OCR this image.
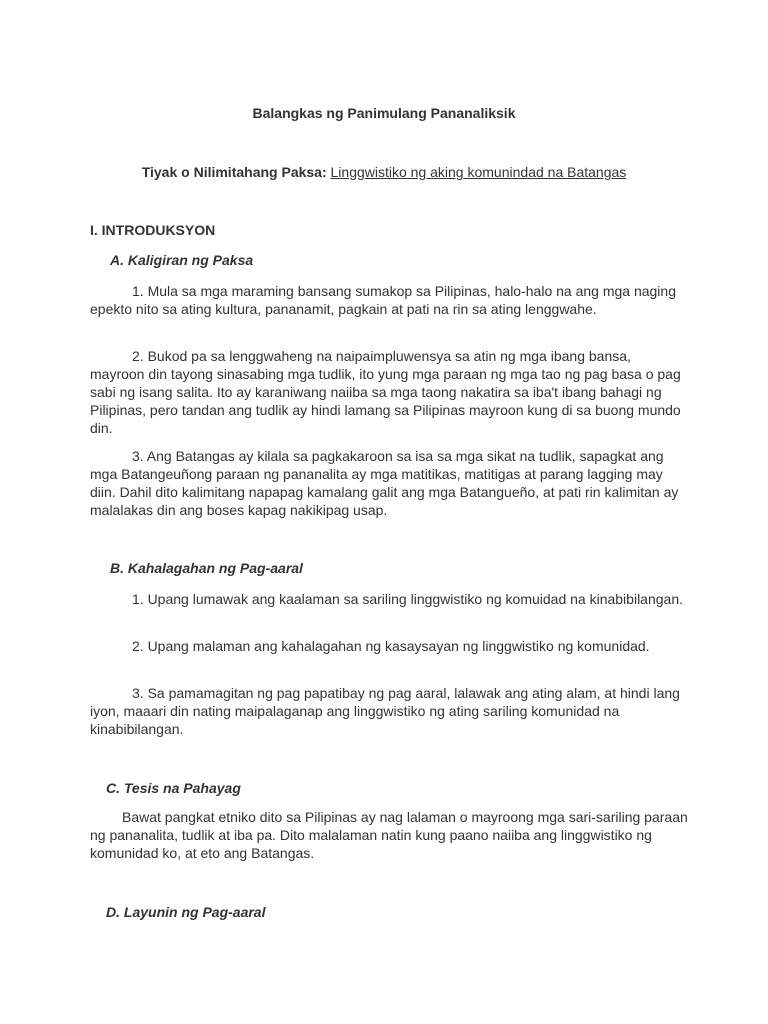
Balangkas ng Panimulang Pananaliksik
Tiyak o Nilimitahang Paksa: Linggwistiko ng aking komunindad na Batangas
I. INTRODUKSYON
A. Kaligiran ng Paksa

1. Mula sa mga maraming bansang sumakop sa Pilipinas, halo-halo na ang mga naging epekto nito sa ating kultura, pananamit, pagkain at pati na rin sa ating lenggwahe.

2. Bukod pa sa lenggwaheng na naipaimpluwensya sa atin ng mga ibang bansa, mayroon din tayong sinasabing mga tudlik, ito yung mga paraan ng mga tao ng pag basa o pag sabi ng isang salita. Ito ay karaniwang naiiba sa mga taong nakatira sa iba't ibang bahagi ng Pilipinas, pero tandan ang tudlik ay hindi lamang sa Pilipinas mayroon kung di sa buong mundo din.

3. Ang Batangas ay kilala sa pagkakaroon sa isa sa mga sikat na tudlik, sapagkat ang mga Batangeuñong paraan ng pananalita ay mga matitikas, matitigas at parang lagging may diin. Dahil dito kalimitang napapag kamalang galit ang mga Batangueño, at pati rin kalimitan ay malalakas din ang boses kapag nakikipag usap.

B. Kahalagahan ng Pag-aaral

1. Upang lumawak ang kaalaman sa sariling linggwistiko ng komuidad na kinabibilangan.

2. Upang malaman ang kahalagahan ng kasaysayan ng linggwistiko ng komunidad.

3. Sa pamamagitan ng pag papatibay ng pag aaral, lalawak ang ating alam, at hindi lang iyon, maaari din nating maipalaganap ang linggwistiko ng ating sariling komunidad na kinabibilangan.

C. Tesis na Pahayag

Bawat pangkat etniko dito sa Pilipinas ay nag lalaman o mayroong mga sari-sariling paraan ng pananalita, tudlik at iba pa. Dito malalaman natin kung paano naiiba ang linggwistiko ng komunidad ko, at eto ang Batangas.

D. Layunin ng Pag-aaral
